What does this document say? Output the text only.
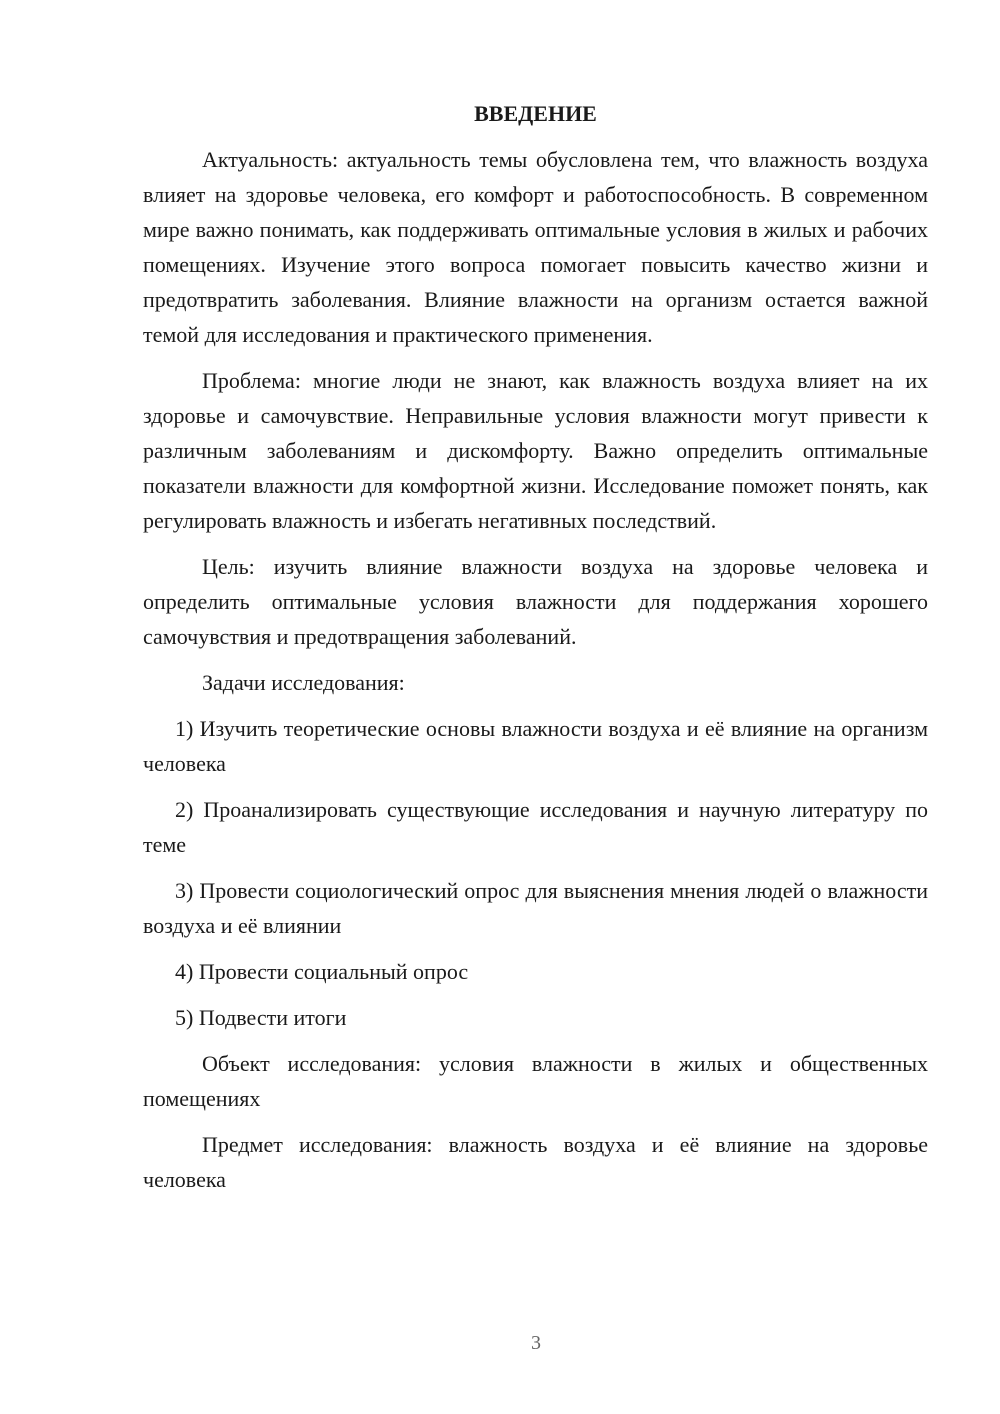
ВВЕДЕНИЕ

Актуальность: актуальность темы обусловлена тем, что влажность воздуха влияет на здоровье человека, его комфорт и работоспособность. В современном мире важно понимать, как поддерживать оптимальные условия в жилых и рабочих помещениях. Изучение этого вопроса помогает повысить качество жизни и предотвратить заболевания. Влияние влажности на организм остается важной темой для исследования и практического применения.

Проблема: многие люди не знают, как влажность воздуха влияет на их здоровье и самочувствие. Неправильные условия влажности могут привести к различным заболеваниям и дискомфорту. Важно определить оптимальные показатели влажности для комфортной жизни. Исследование поможет понять, как регулировать влажность и избегать негативных последствий.

Цель: изучить влияние влажности воздуха на здоровье человека и определить оптимальные условия влажности для поддержания хорошего самочувствия и предотвращения заболеваний.

Задачи исследования:

1) Изучить теоретические основы влажности воздуха и её влияние на организм человека

2) Проанализировать существующие исследования и научную литературу по теме

3) Провести социологический опрос для выяснения мнения людей о влажности воздуха и её влиянии

4) Провести социальный опрос

5) Подвести итоги

Объект исследования: условия влажности в жилых и общественных помещениях

Предмет исследования: влажность воздуха и её влияние на здоровье человека

3
